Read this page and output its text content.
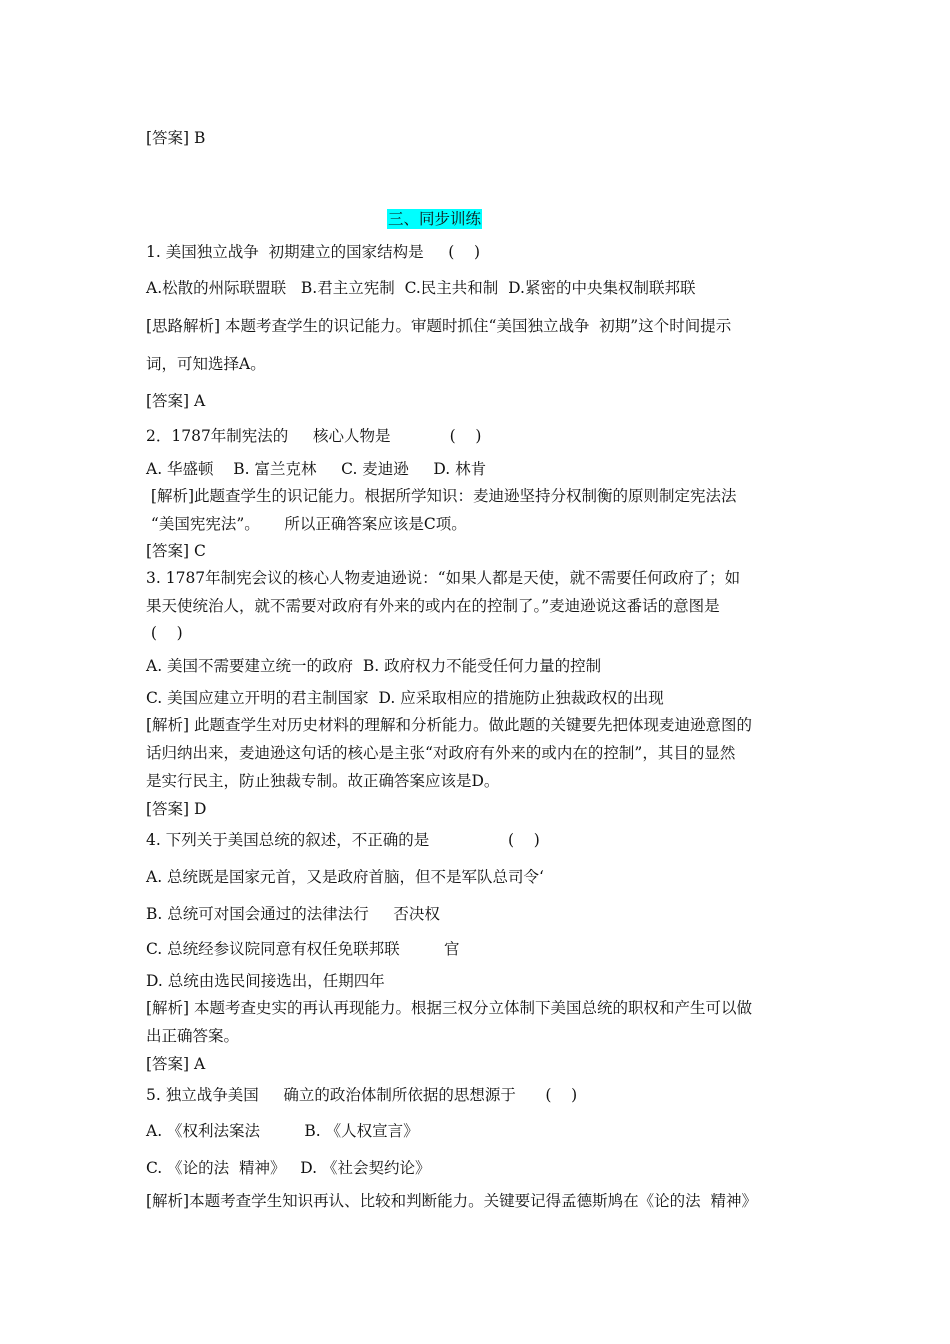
[答案] B
三、同步训练
1. 美国独立战争  初期建立的国家结构是     (    )
A.松散的州际联盟联   B.君主立宪制  C.民主共和制  D.紧密的中央集权制联邦联
[思路解析] 本题考查学生的识记能力。审题时抓住“美国独立战争  初期”这个时间提示
词，可知选择A。
[答案] A
2．1787年制宪法的     核心人物是            (    )
A. 华盛顿    B. 富兰克林     C. 麦迪逊     D. 林肯
[解析]此题查学生的识记能力。根据所学知识：麦迪逊坚持分权制衡的原则制定宪法法
“美国宪宪法”。     所以正确答案应该是C项。
[答案] C
3. 1787年制宪会议的核心人物麦迪逊说：“如果人都是天使，就不需要任何政府了；如
果天使统治人，就不需要对政府有外来的或内在的控制了。”麦迪逊说这番话的意图是
(    )
A. 美国不需要建立统一的政府  B. 政府权力不能受任何力量的控制
C. 美国应建立开明的君主制国家  D. 应采取相应的措施防止独裁政权的出现
[解析] 此题查学生对历史材料的理解和分析能力。做此题的关键要先把体现麦迪逊意图的
话归纳出来，麦迪逊这句话的核心是主张“对政府有外来的或内在的控制”，其目的显然
是实行民主，防止独裁专制。故正确答案应该是D。
[答案] D
4. 下列关于美国总统的叙述，不正确的是                (    )
A. 总统既是国家元首，又是政府首脑，但不是军队总司令‘
B. 总统可对国会通过的法律法行     否决权
C. 总统经参议院同意有权任免联邦联         官
D. 总统由选民间接选出，任期四年
[解析] 本题考查史实的再认再现能力。根据三权分立体制下美国总统的职权和产生可以做
出正确答案。
[答案] A
5. 独立战争美国     确立的政治体制所依据的思想源于      (    )
A. 《权利法案法         B. 《人权宣言》
C. 《论的法  精神》   D. 《社会契约论》
[解析]本题考查学生知识再认、比较和判断能力。关键要记得孟德斯鸠在《论的法  精神》
